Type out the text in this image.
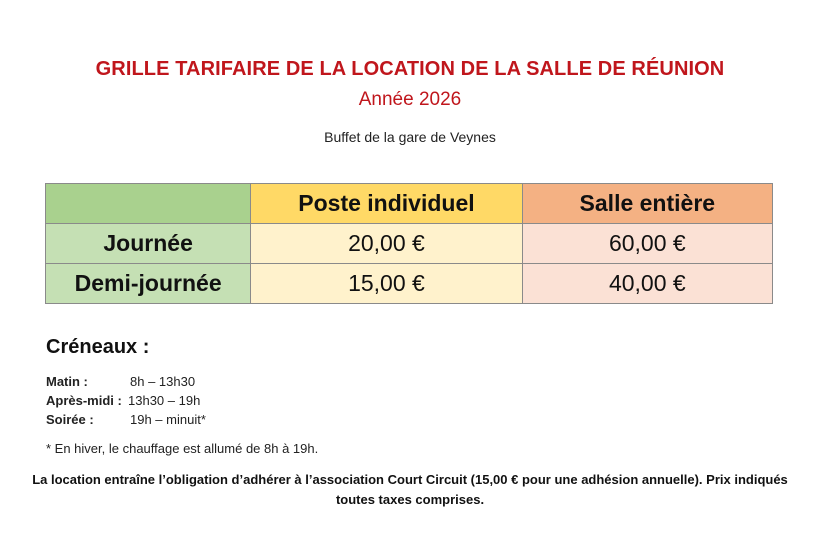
GRILLE TARIFAIRE DE LA LOCATION DE LA SALLE DE RÉUNION
Année 2026
Buffet de la gare de Veynes
	Poste individuel	Salle entière
Journée	20,00 €	60,00 €
Demi-journée	15,00 €	40,00 €
Créneaux :
Matin :	8h – 13h30
Après-midi : 13h30 – 19h
Soirée :	19h – minuit*
* En hiver, le chauffage est allumé de 8h à 19h.
La location entraîne l’obligation d’adhérer à l’association Court Circuit (15,00 € pour une adhésion annuelle). Prix indiqués toutes taxes comprises.
